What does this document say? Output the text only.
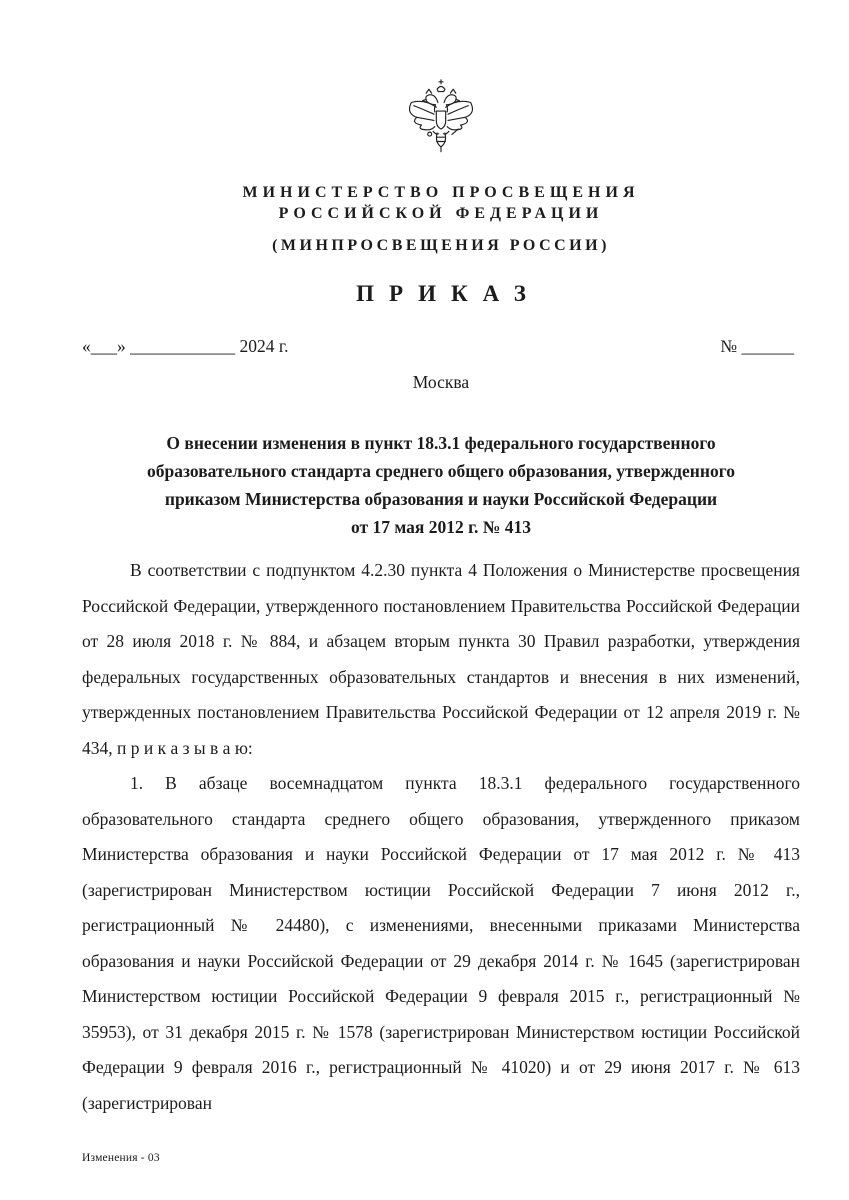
МИНИСТЕРСТВО ПРОСВЕЩЕНИЯ
РОССИЙСКОЙ ФЕДЕРАЦИИ
(МИНПРОСВЕЩЕНИЯ РОССИИ)
ПРИКАЗ
«___» ____________ 2024 г.	№ ______
Москва
О внесении изменения в пункт 18.3.1 федерального государственного
образовательного стандарта среднего общего образования, утвержденного
приказом Министерства образования и науки Российской Федерации
от 17 мая 2012 г. № 413

В соответствии с подпунктом 4.2.30 пункта 4 Положения о Министерстве просвещения Российской Федерации, утвержденного постановлением Правительства Российской Федерации от 28 июля 2018 г. № 884, и абзацем вторым пункта 30 Правил разработки, утверждения федеральных государственных образовательных стандартов и внесения в них изменений, утвержденных постановлением Правительства Российской Федерации от 12 апреля 2019 г. № 434, п р и к а з ы в а ю:

1. В абзаце восемнадцатом пункта 18.3.1 федерального государственного образовательного стандарта среднего общего образования, утвержденного приказом Министерства образования и науки Российской Федерации от 17 мая 2012 г. № 413 (зарегистрирован Министерством юстиции Российской Федерации 7 июня 2012 г., регистрационный № 24480), с изменениями, внесенными приказами Министерства образования и науки Российской Федерации от 29 декабря 2014 г. № 1645 (зарегистрирован Министерством юстиции Российской Федерации 9 февраля 2015 г., регистрационный № 35953), от 31 декабря 2015 г. № 1578 (зарегистрирован Министерством юстиции Российской Федерации 9 февраля 2016 г., регистрационный № 41020) и от 29 июня 2017 г. № 613 (зарегистрирован

Изменения - 03
